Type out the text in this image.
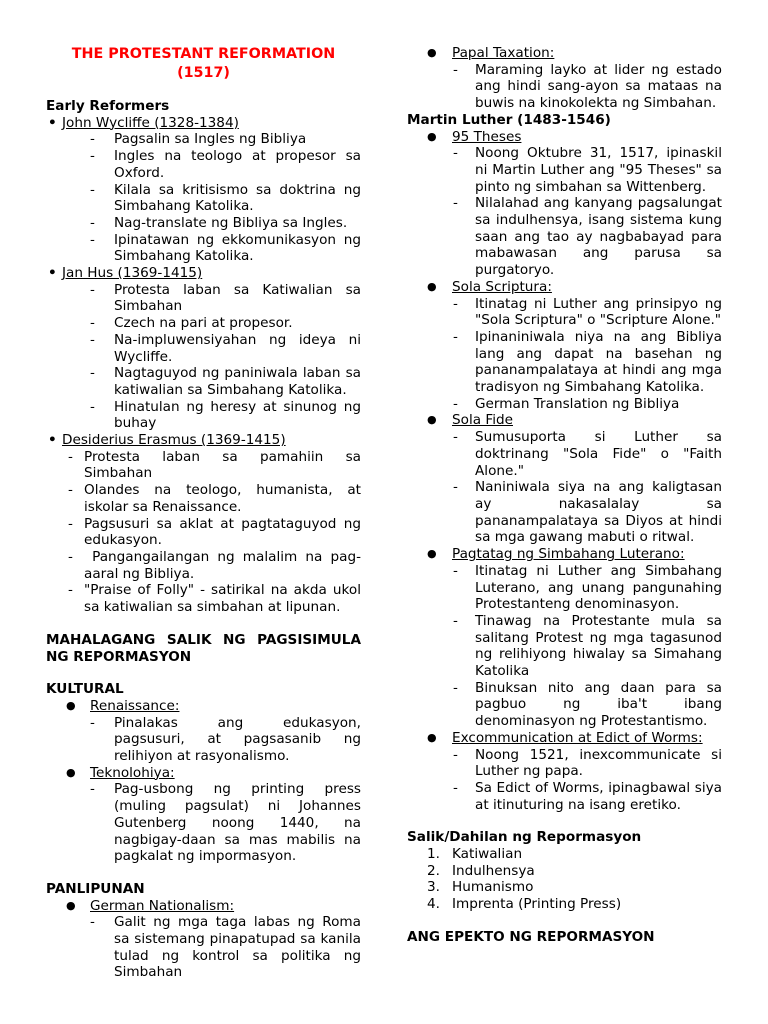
THE PROTESTANT REFORMATION
(1517)
Early Reformers
• John Wycliffe (1328-1384)
- Pagsalin sa Ingles ng Bibliya
- Ingles na teologo at propesor sa Oxford.
- Kilala sa kritisismo sa doktrina ng Simbahang Katolika.
- Nag-translate ng Bibliya sa Ingles.
- Ipinatawan ng ekkomunikasyon ng Simbahang Katolika.
• Jan Hus (1369-1415)
- Protesta laban sa Katiwalian sa Simbahan
- Czech na pari at propesor.
- Na-impluwensiyahan ng ideya ni Wycliffe.
- Nagtaguyod ng paniniwala laban sa katiwalian sa Simbahang Katolika.
- Hinatulan ng heresy at sinunog ng buhay
• Desiderius Erasmus (1369-1415)
- Protesta laban sa pamahiin sa Simbahan
- Olandes na teologo, humanista, at iskolar sa Renaissance.
- Pagsusuri sa aklat at pagtataguyod ng edukasyon.
- Pangangailangan ng malalim na pag-aaral ng Bibliya.
- "Praise of Folly" - satirikal na akda ukol sa katiwalian sa simbahan at lipunan.
MAHALAGANG SALIK NG PAGSISIMULA NG REPORMASYON
KULTURAL
● Renaissance:
- Pinalakas ang edukasyon, pagsusuri, at pagsasanib ng relihiyon at rasyonalismo.
● Teknolohiya:
- Pag-usbong ng printing press (muling pagsulat) ni Johannes Gutenberg noong 1440, na nagbigay-daan sa mas mabilis na pagkalat ng impormasyon.
PANLIPUNAN
● German Nationalism:
- Galit ng mga taga labas ng Roma sa sistemang pinapatupad sa kanila tulad ng kontrol sa politika ng Simbahan
● Papal Taxation:
- Maraming layko at lider ng estado ang hindi sang-ayon sa mataas na buwis na kinokolekta ng Simbahan.
Martin Luther (1483-1546)
● 95 Theses
- Noong Oktubre 31, 1517, ipinaskil ni Martin Luther ang "95 Theses" sa pinto ng simbahan sa Wittenberg.
- Nilalahad ang kanyang pagsalungat sa indulhensya, isang sistema kung saan ang tao ay nagbabayad para mabawasan ang parusa sa purgatoryo.
● Sola Scriptura:
- Itinatag ni Luther ang prinsipyo ng "Sola Scriptura" o "Scripture Alone."
- Ipinaniniwala niya na ang Bibliya lang ang dapat na basehan ng pananampalataya at hindi ang mga tradisyon ng Simbahang Katolika.
- German Translation ng Bibliya
● Sola Fide
- Sumusuporta si Luther sa doktrinang "Sola Fide" o "Faith Alone."
- Naniniwala siya na ang kaligtasan ay nakasalalay sa pananampalataya sa Diyos at hindi sa mga gawang mabuti o ritwal.
● Pagtatag ng Simbahang Luterano:
- Itinatag ni Luther ang Simbahang Luterano, ang unang pangunahing Protestanteng denominasyon.
- Tinawag na Protestante mula sa salitang Protest ng mga tagasunod ng relihiyong hiwalay sa Simahang Katolika
- Binuksan nito ang daan para sa pagbuo ng iba't ibang denominasyon ng Protestantismo.
● Excommunication at Edict of Worms:
- Noong 1521, inexcommunicate si Luther ng papa.
- Sa Edict of Worms, ipinagbawal siya at itinuturing na isang eretiko.
Salik/Dahilan ng Repormasyon
1. Katiwalian
2. Indulhensya
3. Humanismo
4. Imprenta (Printing Press)
ANG EPEKTO NG REPORMASYON
